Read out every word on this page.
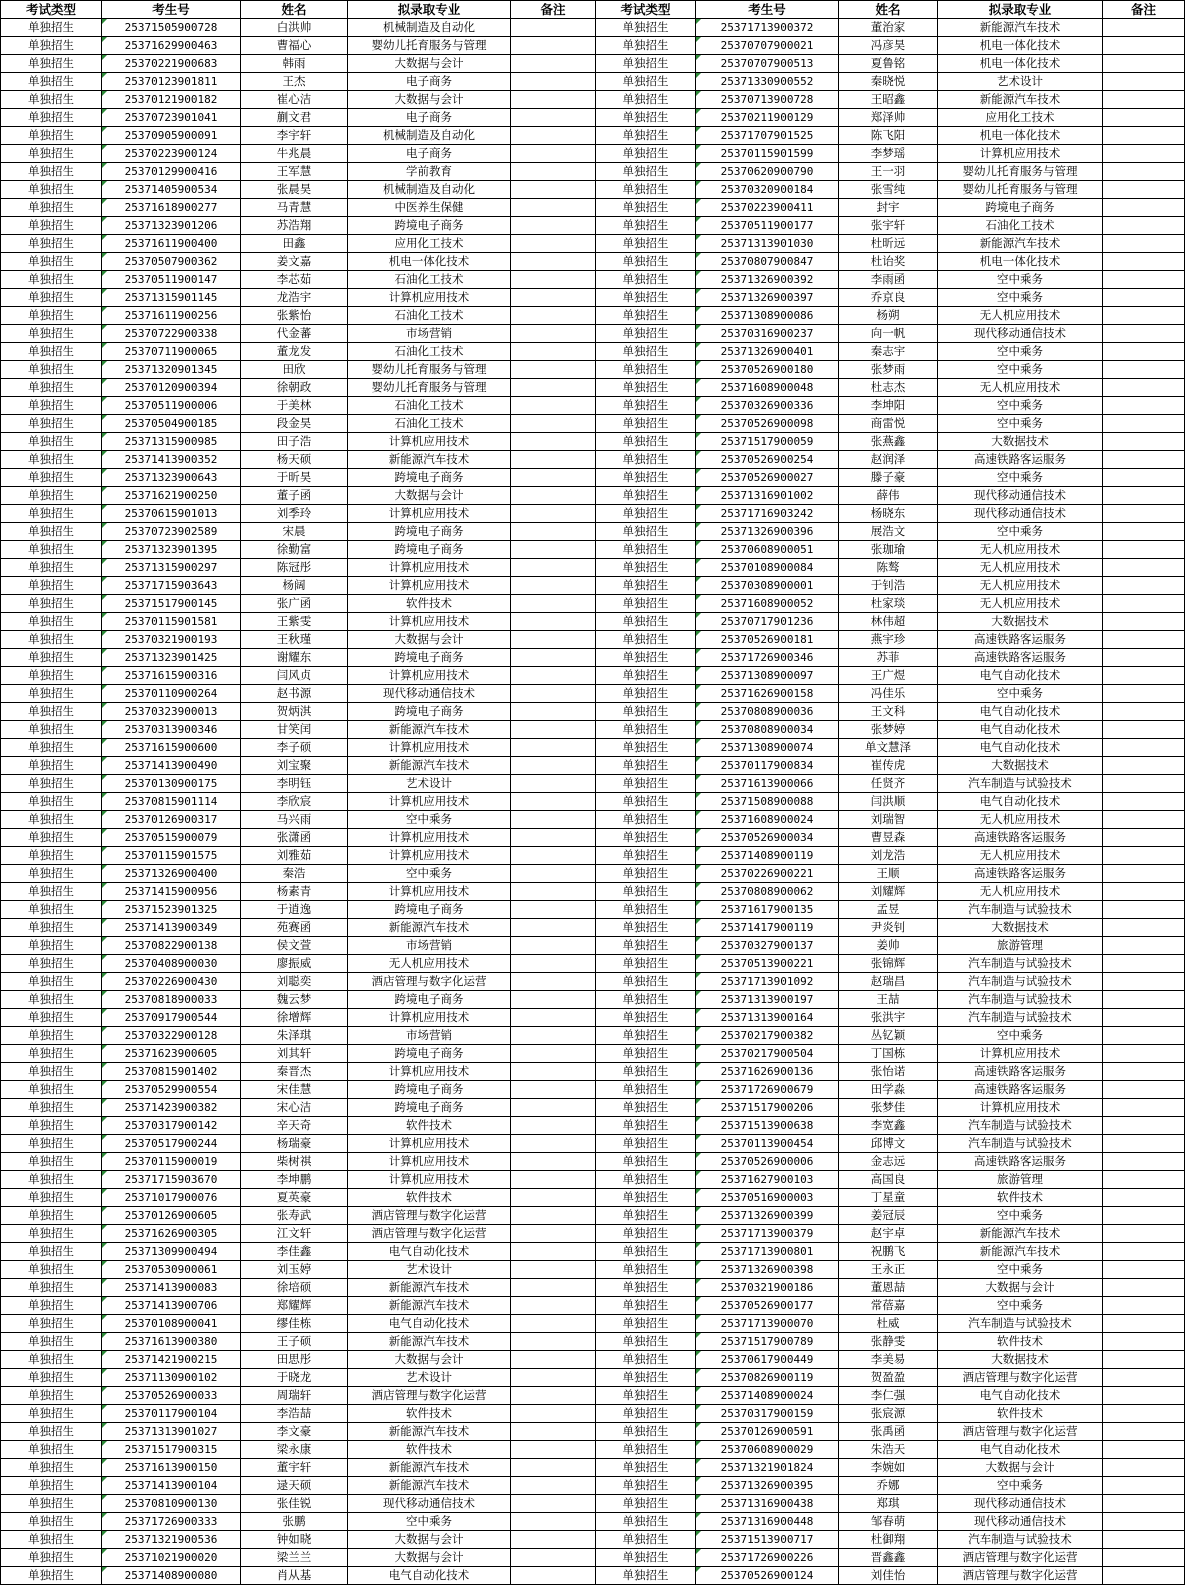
考试类型	考生号	姓名	拟录取专业	备注	考试类型	考生号	姓名	拟录取专业	备注
单独招生	25371505900728	白洪帅	机械制造及自动化		单独招生	25371713900372	董治家	新能源汽车技术	
单独招生	25371629900463	曹福心	婴幼儿托育服务与管理		单独招生	25370707900021	冯彦昊	机电一体化技术	
单独招生	25370221900683	韩雨	大数据与会计		单独招生	25370707900513	夏鲁铭	机电一体化技术	
单独招生	25370123901811	王杰	电子商务		单独招生	25371330900552	秦晓悦	艺术设计	
单独招生	25370121900182	崔心洁	大数据与会计		单独招生	25370713900728	王昭鑫	新能源汽车技术	
单独招生	25370723901041	蒯文君	电子商务		单独招生	25370211900129	郑泽帅	应用化工技术	
单独招生	25370905900091	李宇轩	机械制造及自动化		单独招生	25371707901525	陈飞阳	机电一体化技术	
单独招生	25370223900124	牛兆晨	电子商务		单独招生	25370115901599	李梦瑶	计算机应用技术	
单独招生	25370129900416	王军慧	学前教育		单独招生	25370620900790	王一羽	婴幼儿托育服务与管理	
单独招生	25371405900534	张晨昊	机械制造及自动化		单独招生	25370320900184	张雪纯	婴幼儿托育服务与管理	
单独招生	25371618900277	马青慧	中医养生保健		单独招生	25370223900411	封宇	跨境电子商务	
单独招生	25371323901206	苏浩翔	跨境电子商务		单独招生	25370511900177	张宇轩	石油化工技术	
单独招生	25371611900400	田鑫	应用化工技术		单独招生	25371313901030	杜昕远	新能源汽车技术	
单独招生	25370507900362	姜文嘉	机电一体化技术		单独招生	25370807900847	杜诒奖	机电一体化技术	
单独招生	25370511900147	李芯茹	石油化工技术		单独招生	25371326900392	李雨函	空中乘务	
单独招生	25371315901145	龙浩宇	计算机应用技术		单独招生	25371326900397	乔京良	空中乘务	
单独招生	25371611900256	张紫怡	石油化工技术		单独招生	25371308900086	杨朔	无人机应用技术	
单独招生	25370722900338	代金蕃	市场营销		单独招生	25370316900237	向一帆	现代移动通信技术	
单独招生	25370711900065	董龙发	石油化工技术		单独招生	25371326900401	秦志宇	空中乘务	
单独招生	25371320901345	田欣	婴幼儿托育服务与管理		单独招生	25370526900180	张梦雨	空中乘务	
单独招生	25370120900394	徐朝政	婴幼儿托育服务与管理		单独招生	25371608900048	杜志杰	无人机应用技术	
单独招生	25370511900006	于美林	石油化工技术		单独招生	25370326900336	李坤阳	空中乘务	
单独招生	25370504900185	段金昊	石油化工技术		单独招生	25370526900098	商雷悦	空中乘务	
单独招生	25371315900985	田子浩	计算机应用技术		单独招生	25371517900059	张燕鑫	大数据技术	
单独招生	25371413900352	杨天硕	新能源汽车技术		单独招生	25370526900254	赵润泽	高速铁路客运服务	
单独招生	25371323900643	于昕昊	跨境电子商务		单独招生	25370526900027	滕子豪	空中乘务	
单独招生	25371621900250	董子函	大数据与会计		单独招生	25371316901002	薛伟	现代移动通信技术	
单独招生	25370615901013	刘季玲	计算机应用技术		单独招生	25371716903242	杨晓东	现代移动通信技术	
单独招生	25370723902589	宋晨	跨境电子商务		单独招生	25371326900396	展浩文	空中乘务	
单独招生	25371323901395	徐勤富	跨境电子商务		单独招生	25370608900051	张珈瑜	无人机应用技术	
单独招生	25371315900297	陈冠彤	计算机应用技术		单独招生	25370108900084	陈骜	无人机应用技术	
单独招生	25371715903643	杨阔	计算机应用技术		单独招生	25370308900001	于钊浩	无人机应用技术	
单独招生	25371517900145	张广函	软件技术		单独招生	25371608900052	杜家琰	无人机应用技术	
单独招生	25370115901581	王紫雯	计算机应用技术		单独招生	25370717901236	林伟超	大数据技术	
单独招生	25370321900193	王秋瑾	大数据与会计		单独招生	25370526900181	燕宇珍	高速铁路客运服务	
单独招生	25371323901425	谢耀东	跨境电子商务		单独招生	25371726900346	苏菲	高速铁路客运服务	
单独招生	25371615900316	闫风贞	计算机应用技术		单独招生	25371308900097	王广煜	电气自动化技术	
单独招生	25370110900264	赵书源	现代移动通信技术		单独招生	25371626900158	冯佳乐	空中乘务	
单独招生	25370323900013	贺炳淇	跨境电子商务		单独招生	25370808900036	王文科	电气自动化技术	
单独招生	25370313900346	甘笑闰	新能源汽车技术		单独招生	25370808900034	张梦婷	电气自动化技术	
单独招生	25371615900600	李子硕	计算机应用技术		单独招生	25371308900074	单文慧泽	电气自动化技术	
单独招生	25371413900490	刘宝聚	新能源汽车技术		单独招生	25370117900834	崔传虎	大数据技术	
单独招生	25370130900175	李明钰	艺术设计		单独招生	25371613900066	任贤齐	汽车制造与试验技术	
单独招生	25370815901114	李欣宸	计算机应用技术		单独招生	25371508900088	闫洪顺	电气自动化技术	
单独招生	25370126900317	马兴雨	空中乘务		单独招生	25371608900024	刘瑞智	无人机应用技术	
单独招生	25370515900079	张潇函	计算机应用技术		单独招生	25370526900034	曹昱森	高速铁路客运服务	
单独招生	25370115901575	刘雅茹	计算机应用技术		单独招生	25371408900119	刘龙浩	无人机应用技术	
单独招生	25371326900400	秦浩	空中乘务		单独招生	25370226900221	王顺	高速铁路客运服务	
单独招生	25371415900956	杨素青	计算机应用技术		单独招生	25370808900062	刘耀辉	无人机应用技术	
单独招生	25371523901325	于逍逸	跨境电子商务		单独招生	25371617900135	孟昱	汽车制造与试验技术	
单独招生	25371413900349	苑赛函	新能源汽车技术		单独招生	25371417900119	尹炎钊	大数据技术	
单独招生	25370822900138	侯文萱	市场营销		单独招生	25370327900137	姜帅	旅游管理	
单独招生	25370408900030	廖振威	无人机应用技术		单独招生	25370513900221	张锦辉	汽车制造与试验技术	
单独招生	25370226900430	刘聪奕	酒店管理与数字化运营		单独招生	25371713901092	赵瑞昌	汽车制造与试验技术	
单独招生	25370818900033	魏云梦	跨境电子商务		单独招生	25371313900197	王喆	汽车制造与试验技术	
单独招生	25370917900544	徐增辉	计算机应用技术		单独招生	25371313900164	张洪宇	汽车制造与试验技术	
单独招生	25370322900128	朱泽琪	市场营销		单独招生	25370217900382	丛钇颖	空中乘务	
单独招生	25371623900605	刘其轩	跨境电子商务		单独招生	25370217900504	丁国栋	计算机应用技术	
单独招生	25370815901402	秦晋杰	计算机应用技术		单独招生	25371626900136	张怡诺	高速铁路客运服务	
单独招生	25370529900554	宋佳慧	跨境电子商务		单独招生	25371726900679	田学淼	高速铁路客运服务	
单独招生	25371423900382	宋心洁	跨境电子商务		单独招生	25371517900206	张梦佳	计算机应用技术	
单独招生	25370317900142	辛天奇	软件技术		单独招生	25371513900638	李宽鑫	汽车制造与试验技术	
单独招生	25370517900244	杨瑞豪	计算机应用技术		单独招生	25370113900454	邱博文	汽车制造与试验技术	
单独招生	25370115900019	柴树祺	计算机应用技术		单独招生	25370526900006	金志远	高速铁路客运服务	
单独招生	25371715903670	李坤鹏	计算机应用技术		单独招生	25371627900103	高国良	旅游管理	
单独招生	25371017900076	夏英豪	软件技术		单独招生	25370516900003	丁星童	软件技术	
单独招生	25370126900605	张寿武	酒店管理与数字化运营		单独招生	25371326900399	姜冠辰	空中乘务	
单独招生	25371626900305	江文轩	酒店管理与数字化运营		单独招生	25371713900379	赵宇卓	新能源汽车技术	
单独招生	25371309900494	李佳鑫	电气自动化技术		单独招生	25371713900801	祝鹏飞	新能源汽车技术	
单独招生	25370530900061	刘玉婷	艺术设计		单独招生	25371326900398	王永正	空中乘务	
单独招生	25371413900083	徐培硕	新能源汽车技术		单独招生	25370321900186	董恩喆	大数据与会计	
单独招生	25371413900706	郑耀辉	新能源汽车技术		单独招生	25370526900177	常蓓嘉	空中乘务	
单独招生	25370108900041	缪佳栋	电气自动化技术		单独招生	25371713900070	杜威	汽车制造与试验技术	
单独招生	25371613900380	王子硕	新能源汽车技术		单独招生	25371517900789	张静雯	软件技术	
单独招生	25371421900215	田思彤	大数据与会计		单独招生	25370617900449	李美易	大数据技术	
单独招生	25371130900102	于晓龙	艺术设计		单独招生	25370826900119	贺盈盈	酒店管理与数字化运营	
单独招生	25370526900033	周瑞轩	酒店管理与数字化运营		单独招生	25371408900024	李仁强	电气自动化技术	
单独招生	25370117900104	李浩喆	软件技术		单独招生	25370317900159	张宸源	软件技术	
单独招生	25371313901027	李文豪	新能源汽车技术		单独招生	25370126900591	张禹函	酒店管理与数字化运营	
单独招生	25371517900315	梁永康	软件技术		单独招生	25370608900029	朱浩天	电气自动化技术	
单独招生	25371613900150	董宇轩	新能源汽车技术		单独招生	25371321901824	李婉如	大数据与会计	
单独招生	25371413900104	逯天硕	新能源汽车技术		单独招生	25371326900395	乔娜	空中乘务	
单独招生	25370810900130	张佳锐	现代移动通信技术		单独招生	25371316900438	郑琪	现代移动通信技术	
单独招生	25371726900333	张鹏	空中乘务		单独招生	25371316900448	邹春萌	现代移动通信技术	
单独招生	25371321900536	钟如晓	大数据与会计		单独招生	25371513900717	杜御翔	汽车制造与试验技术	
单独招生	25371021900020	梁兰兰	大数据与会计		单独招生	25371726900226	晋鑫鑫	酒店管理与数字化运营	
单独招生	25371408900080	肖从基	电气自动化技术		单独招生	25370526900124	刘佳怡	酒店管理与数字化运营	
